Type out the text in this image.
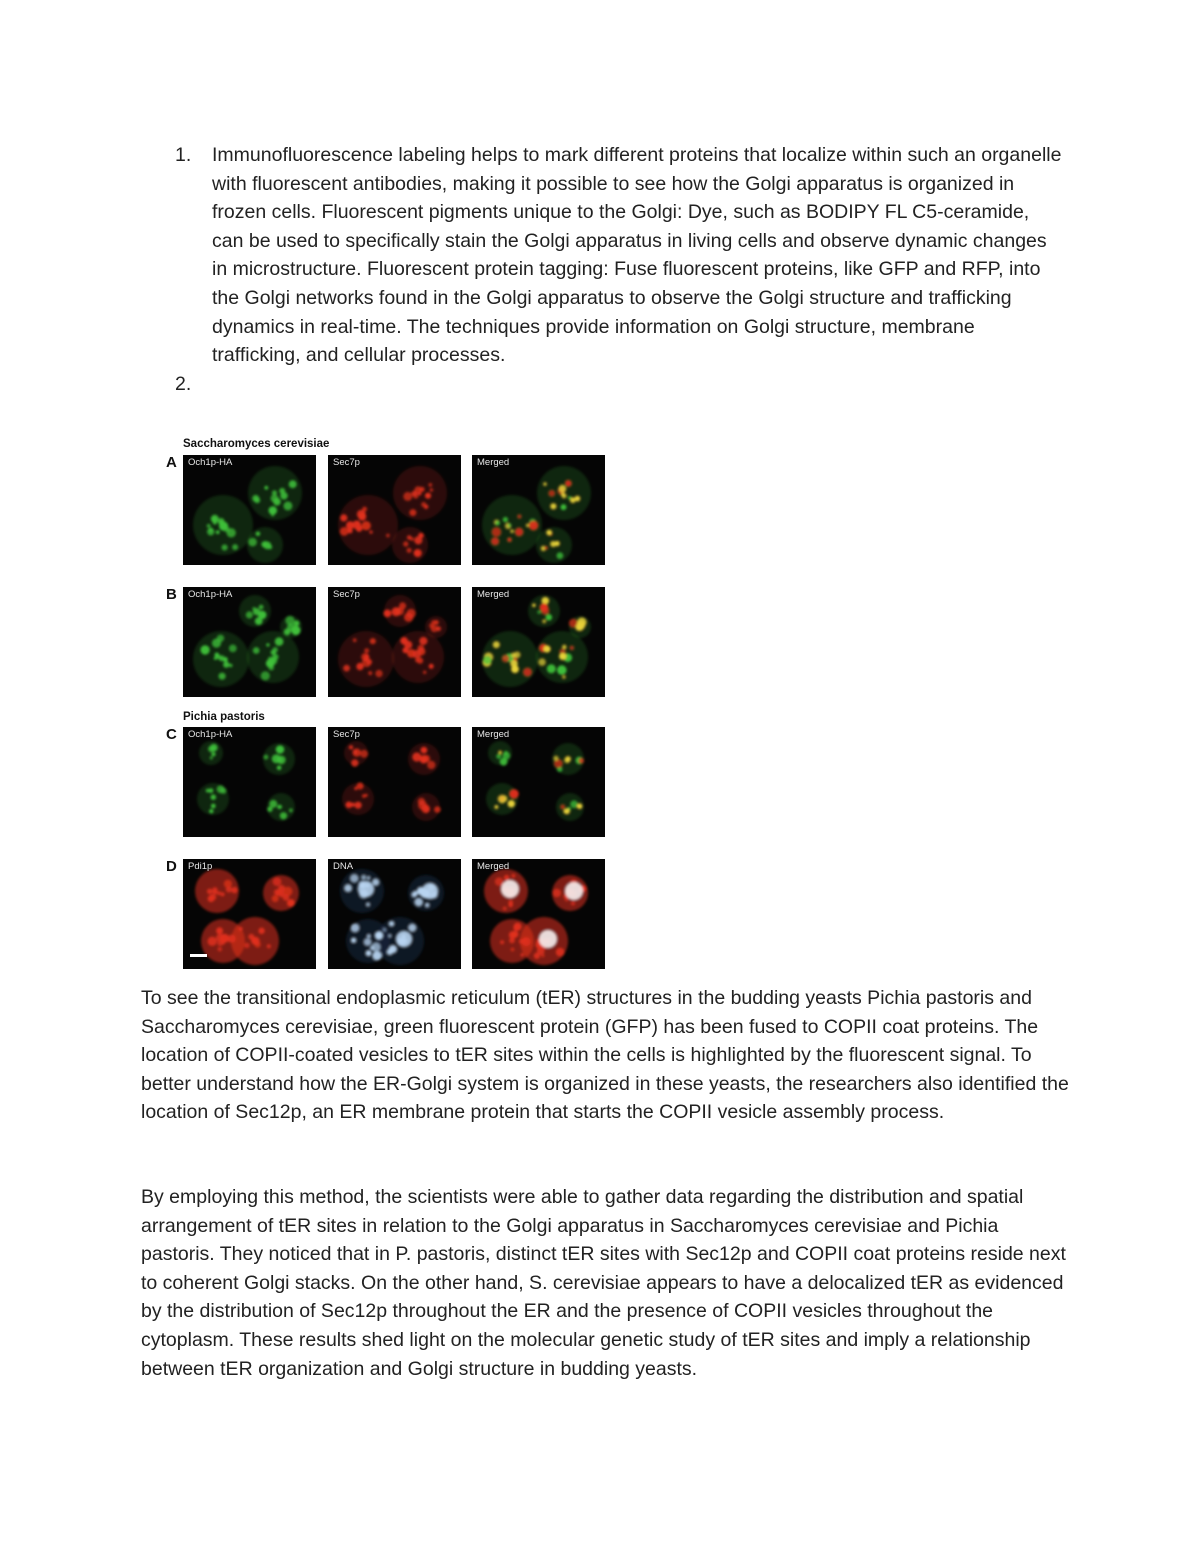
1. Immunofluorescence labeling helps to mark different proteins that localize within such an organelle with fluorescent antibodies, making it possible to see how the Golgi apparatus is organized in frozen cells. Fluorescent pigments unique to the Golgi: Dye, such as BODIPY FL C5-ceramide, can be used to specifically stain the Golgi apparatus in living cells and observe dynamic changes in microstructure. Fluorescent protein tagging: Fuse fluorescent proteins, like GFP and RFP, into the Golgi networks found in the Golgi apparatus to observe the Golgi structure and trafficking dynamics in real-time. The techniques provide information on Golgi structure, membrane trafficking, and cellular processes.
2.

Saccharomyces cerevisiae
Pichia pastoris
A Och1p-HA	Sec7p	Merged
B Och1p-HA	Sec7p	Merged
C Och1p-HA	Sec7p	Merged
D Pdi1p	DNA	Merged

To see the transitional endoplasmic reticulum (tER) structures in the budding yeasts Pichia pastoris and Saccharomyces cerevisiae, green fluorescent protein (GFP) has been fused to COPII coat proteins. The location of COPII-coated vesicles to tER sites within the cells is highlighted by the fluorescent signal. To better understand how the ER-Golgi system is organized in these yeasts, the researchers also identified the location of Sec12p, an ER membrane protein that starts the COPII vesicle assembly process.

By employing this method, the scientists were able to gather data regarding the distribution and spatial arrangement of tER sites in relation to the Golgi apparatus in Saccharomyces cerevisiae and Pichia pastoris. They noticed that in P. pastoris, distinct tER sites with Sec12p and COPII coat proteins reside next to coherent Golgi stacks. On the other hand, S. cerevisiae appears to have a delocalized tER as evidenced by the distribution of Sec12p throughout the ER and the presence of COPII vesicles throughout the cytoplasm. These results shed light on the molecular genetic study of tER sites and imply a relationship between tER organization and Golgi structure in budding yeasts.
